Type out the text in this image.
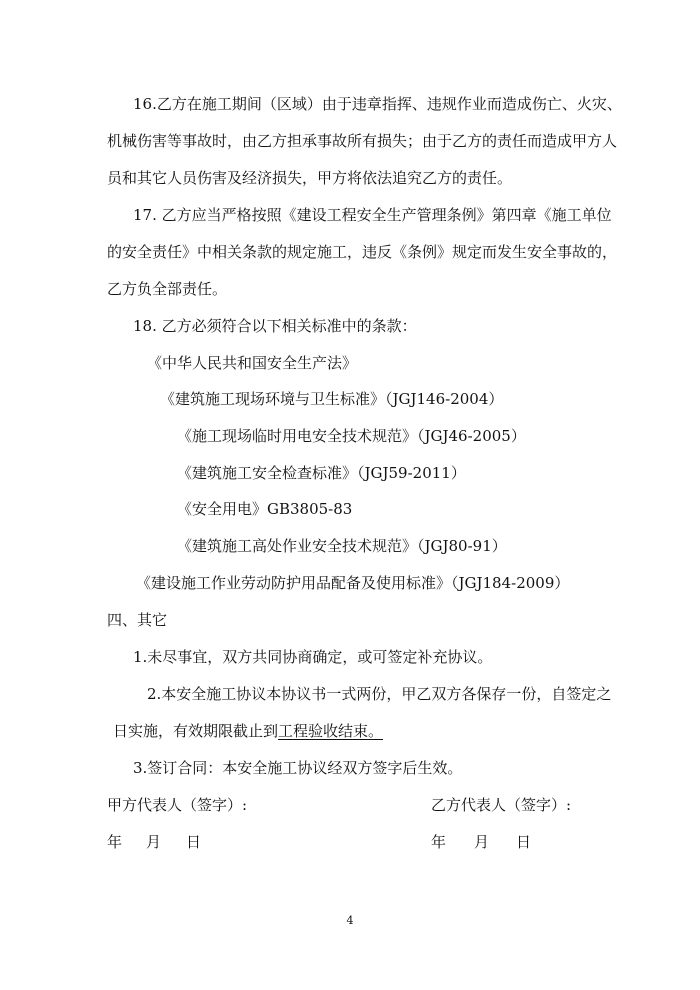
16.乙方在施工期间（区域）由于违章指挥、违规作业而造成伤亡、火灾、
机械伤害等事故时，由乙方担承事故所有损失；由于乙方的责任而造成甲方人
员和其它人员伤害及经济损失，甲方将依法追究乙方的责任。
17. 乙方应当严格按照《建设工程安全生产管理条例》第四章《施工单位
的安全责任》中相关条款的规定施工，违反《条例》规定而发生安全事故的，
乙方负全部责任。
18. 乙方必须符合以下相关标准中的条款：
《中华人民共和国安全生产法》
《建筑施工现场环境与卫生标准》（JGJ146-2004）
《施工现场临时用电安全技术规范》（JGJ46-2005）
《建筑施工安全检查标准》（JGJ59-2011）
《安全用电》GB3805-83
《建筑施工高处作业安全技术规范》（JGJ80-91）
《建设施工作业劳动防护用品配备及使用标准》（JGJ184-2009）
四、其它
1.未尽事宜，双方共同协商确定，或可签定补充协议。
2.本安全施工协议本协议书一式两份，甲乙双方各保存一份，自签定之
日实施，有效期限截止到工程验收结束。
3.签订合同：本安全施工协议经双方签字后生效。
甲方代表人（签字）:	乙方代表人（签字）:
年 月 日	年 月 日
4
